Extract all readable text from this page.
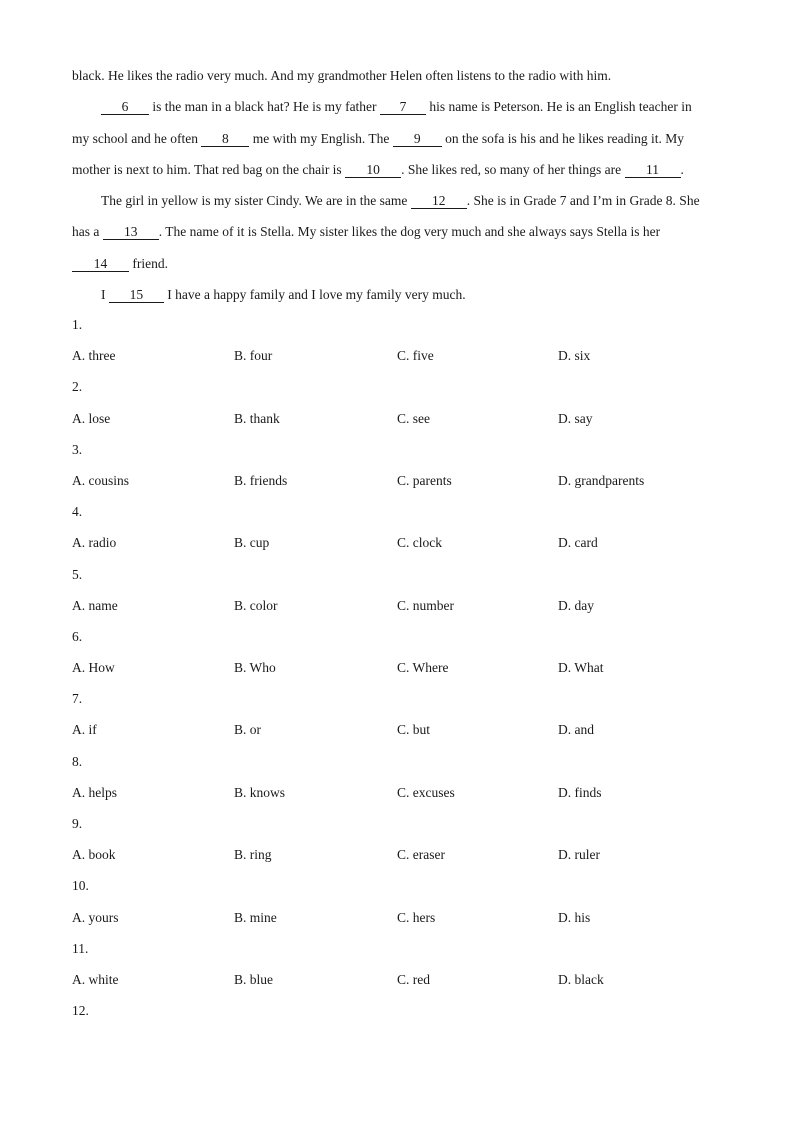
black. He likes the radio very much. And my grandmother Helen often listens to the radio with him.
6 is the man in a black hat? He is my father 7 his name is Peterson. He is an English teacher in
my school and he often 8 me with my English. The 9 on the sofa is his and he likes reading it. My
mother is next to him. That red bag on the chair is 10 . She likes red, so many of her things are 11 .
The girl in yellow is my sister Cindy. We are in the same 12 . She is in Grade 7 and I’m in Grade 8. She
has a 13 . The name of it is Stella. My sister likes the dog very much and she always says Stella is her
14 friend.
I 15 I have a happy family and I love my family very much.
1.
A. three	B. four	C. five	D. six
2.
A. lose	B. thank	C. see	D. say
3.
A. cousins	B. friends	C. parents	D. grandparents
4.
A. radio	B. cup	C. clock	D. card
5.
A. name	B. color	C. number	D. day
6.
A. How	B. Who	C. Where	D. What
7.
A. if	B. or	C. but	D. and
8.
A. helps	B. knows	C. excuses	D. finds
9.
A. book	B. ring	C. eraser	D. ruler
10.
A. yours	B. mine	C. hers	D. his
11.
A. white	B. blue	C. red	D. black
12.
